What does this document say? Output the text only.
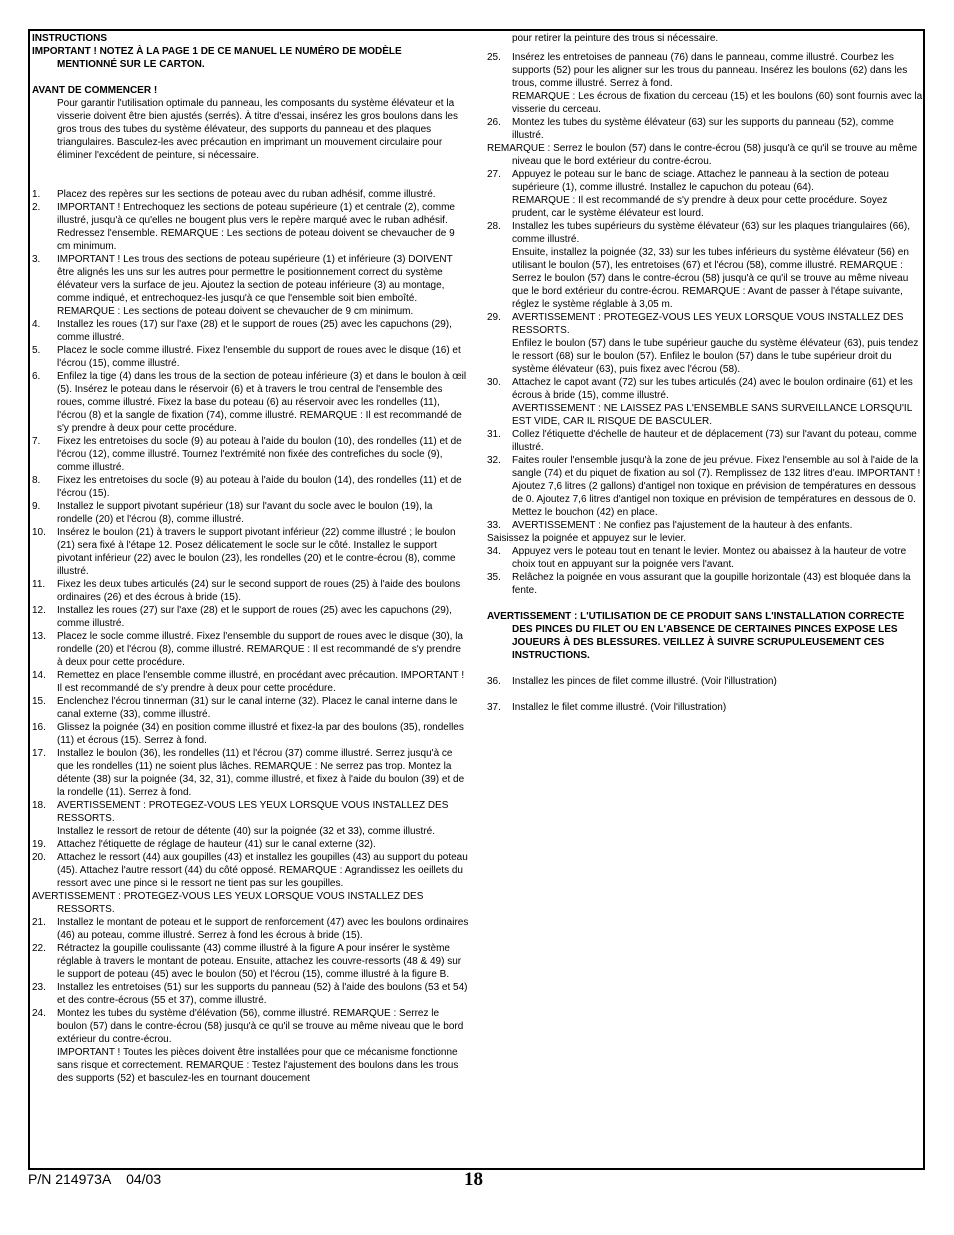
INSTRUCTIONS
IMPORTANT ! NOTEZ À LA PAGE 1 DE CE MANUEL LE NUMÉRO DE MODÈLE
MENTIONNÉ SUR LE CARTON.
AVANT DE COMMENCER !
Pour garantir l'utilisation optimale du panneau, les composants du système élévateur et la visserie doivent être bien ajustés (serrés). À titre d'essai, insérez les gros boulons dans les gros trous des tubes du système élévateur, des supports du panneau et des plaques triangulaires. Basculez-les avec précaution en imprimant un mouvement circulaire pour éliminer l'excédent de peinture, si nécessaire.
1.	Placez des repères sur les sections de poteau avec du ruban adhésif, comme illustré.
2.	IMPORTANT ! Entrechoquez les sections de poteau supérieure (1) et centrale (2), comme illustré, jusqu'à ce qu'elles ne bougent plus vers le repère marqué avec le ruban adhésif. Redressez l'ensemble. REMARQUE : Les sections de poteau doivent se chevaucher de 9 cm minimum.
3.	IMPORTANT ! Les trous des sections de poteau supérieure (1) et inférieure (3) DOIVENT être alignés les uns sur les autres pour permettre le positionnement correct du système élévateur vers la surface de jeu. Ajoutez la section de poteau inférieure (3) au montage, comme indiqué, et entrechoquez-les jusqu'à ce que l'ensemble soit bien emboîté. REMARQUE : Les sections de poteau doivent se chevaucher de 9 cm minimum.
4.	Installez les roues (17) sur l'axe (28) et le support de roues (25) avec les capuchons (29), comme illustré.
5.	Placez le socle comme illustré. Fixez l'ensemble du support de roues avec le disque (16) et l'écrou (15), comme illustré.
6.	Enfilez la tige (4) dans les trous de la section de poteau inférieure (3) et dans le boulon à œil (5). Insérez le poteau dans le réservoir (6) et à travers le trou central de l'ensemble des roues, comme illustré. Fixez la base du poteau (6) au réservoir avec les rondelles (11), l'écrou (8) et la sangle de fixation (74), comme illustré. REMARQUE : Il est recommandé de s'y prendre à deux pour cette procédure.
7.	Fixez les entretoises du socle (9) au poteau à l'aide du boulon (10), des rondelles (11) et de l'écrou (12), comme illustré. Tournez l'extrémité non fixée des contrefiches du socle (9), comme illustré.
8.	Fixez les entretoises du socle (9) au poteau à l'aide du boulon (14), des rondelles (11) et de l'écrou (15).
9.	Installez le support pivotant supérieur (18) sur l'avant du socle avec le boulon (19), la rondelle (20) et l'écrou (8), comme illustré.
10.	Insérez le boulon (21) à travers le support pivotant inférieur (22) comme illustré ; le boulon (21) sera fixé à l'étape 12. Posez délicatement le socle sur le côté. Installez le support pivotant inférieur (22) avec le boulon (23), les rondelles (20) et le contre-écrou (8), comme illustré.
11.	Fixez les deux tubes articulés (24) sur le second support de roues (25) à l'aide des boulons ordinaires (26) et des écrous à bride (15).
12.	Installez les roues (27) sur l'axe (28) et le support de roues (25) avec les capuchons (29), comme illustré.
13.	Placez le socle comme illustré. Fixez l'ensemble du support de roues avec le disque (30), la rondelle (20) et l'écrou (8), comme illustré. REMARQUE : Il est recommandé de s'y prendre à deux pour cette procédure.
14.	Remettez en place l'ensemble comme illustré, en procédant avec précaution. IMPORTANT ! Il est recommandé de s'y prendre à deux pour cette procédure.
15.	Enclenchez l'écrou tinnerman (31) sur le canal interne (32). Placez le canal interne dans le canal externe (33), comme illustré.
16.	Glissez la poignée (34) en position comme illustré et fixez-la par des boulons (35), rondelles (11) et écrous (15). Serrez à fond.
17.	Installez le boulon (36), les rondelles (11) et l'écrou (37) comme illustré. Serrez jusqu'à ce que les rondelles (11) ne soient plus lâches. REMARQUE : Ne serrez pas trop. Montez la détente (38) sur la poignée (34, 32, 31), comme illustré, et fixez à l'aide du boulon (39) et de la rondelle (11). Serrez à fond.
18.	AVERTISSEMENT : PROTEGEZ-VOUS LES YEUX LORSQUE VOUS INSTALLEZ DES RESSORTS.
Installez le ressort de retour de détente (40) sur la poignée (32 et 33), comme illustré.
19.	Attachez l'étiquette de réglage de hauteur (41) sur le canal externe (32).
20.	Attachez le ressort (44) aux goupilles (43) et installez les goupilles (43) au support du poteau (45). Attachez l'autre ressort (44) du côté opposé. REMARQUE : Agrandissez les oeillets du ressort avec une pince si le ressort ne tient pas sur les goupilles.
AVERTISSEMENT : PROTEGEZ-VOUS LES YEUX LORSQUE VOUS INSTALLEZ DES RESSORTS.
21.	Installez le montant de poteau et le support de renforcement (47) avec les boulons ordinaires (46) au poteau, comme illustré. Serrez à fond les écrous à bride (15).
22.	Rétractez la goupille coulissante (43) comme illustré à la figure A pour insérer le système réglable à travers le montant de poteau. Ensuite, attachez les couvre-ressorts (48 & 49) sur le support de poteau (45) avec le boulon (50) et l'écrou (15), comme illustré à la figure B.
23.	Installez les entretoises (51) sur les supports du panneau (52) à l'aide des boulons (53 et 54) et des contre-écrous (55 et 37), comme illustré.
24.	Montez les tubes du système d'élévation (56), comme illustré. REMARQUE : Serrez le boulon (57) dans le contre-écrou (58) jusqu'à ce qu'il se trouve au même niveau que le bord extérieur du contre-écrou.
IMPORTANT ! Toutes les pièces doivent être installées pour que ce mécanisme fonctionne sans risque et correctement. REMARQUE : Testez l'ajustement des boulons dans les trous des supports (52) et basculez-les en tournant doucement
pour retirer la peinture des trous si nécessaire.
25.	Insérez les entretoises de panneau (76) dans le panneau, comme illustré. Courbez les supports (52) pour les aligner sur les trous du panneau. Insérez les boulons (62) dans les trous, comme illustré. Serrez à fond.
REMARQUE : Les écrous de fixation du cerceau (15) et les boulons (60) sont fournis avec la visserie du cerceau.
26.	Montez les tubes du système élévateur (63) sur les supports du panneau (52), comme illustré.
REMARQUE : Serrez le boulon (57) dans le contre-écrou (58) jusqu'à ce qu'il se trouve au même niveau que le bord extérieur du contre-écrou.
27.	Appuyez le poteau sur le banc de sciage. Attachez le panneau à la section de poteau supérieure (1), comme illustré. Installez le capuchon du poteau (64).
REMARQUE : Il est recommandé de s'y prendre à deux pour cette procédure. Soyez prudent, car le système élévateur est lourd.
28.	Installez les tubes supérieurs du système élévateur (63) sur les plaques triangulaires (66), comme illustré.
Ensuite, installez la poignée (32, 33) sur les tubes inférieurs du système élévateur (56) en utilisant le boulon (57), les entretoises (67) et l'écrou (58), comme illustré. REMARQUE : Serrez le boulon (57) dans le contre-écrou (58) jusqu'à ce qu'il se trouve au même niveau que le bord extérieur du contre-écrou. REMARQUE : Avant de passer à l'étape suivante, réglez le système réglable à 3,05 m.
29.	AVERTISSEMENT : PROTEGEZ-VOUS LES YEUX LORSQUE VOUS INSTALLEZ DES RESSORTS.
Enfilez le boulon (57) dans le tube supérieur gauche du système élévateur (63), puis tendez le ressort (68) sur le boulon (57). Enfilez le boulon (57) dans le tube supérieur droit du système élévateur (63), puis fixez avec l'écrou (58).
30.	Attachez le capot avant (72) sur les tubes articulés (24) avec le boulon ordinaire (61) et les écrous à bride (15), comme illustré.
AVERTISSEMENT : NE LAISSEZ PAS L'ENSEMBLE SANS SURVEILLANCE LORSQU'IL EST VIDE, CAR IL RISQUE DE BASCULER.
31.	Collez l'étiquette d'échelle de hauteur et de déplacement (73) sur l'avant du poteau, comme illustré.
32.	Faites rouler l'ensemble jusqu'à la zone de jeu prévue. Fixez l'ensemble au sol à l'aide de la sangle (74) et du piquet de fixation au sol (7). Remplissez de 132 litres d'eau. IMPORTANT ! Ajoutez 7,6 litres (2 gallons) d'antigel non toxique en prévision de températures en dessous de 0. Ajoutez 7,6 litres d'antigel non toxique en prévision de températures en dessous de 0. Mettez le bouchon (42) en place.
33.	AVERTISSEMENT : Ne confiez pas l'ajustement de la hauteur à des enfants.
Saisissez la poignée et appuyez sur le levier.
34.	Appuyez vers le poteau tout en tenant le levier. Montez ou abaissez à la hauteur de votre choix tout en appuyant sur la poignée vers l'avant.
35.	Relâchez la poignée en vous assurant que la goupille horizontale (43) est bloquée dans la fente.
AVERTISSEMENT : L'UTILISATION DE CE PRODUIT SANS L'INSTALLATION CORRECTE DES PINCES DU FILET OU EN L'ABSENCE DE CERTAINES PINCES EXPOSE LES JOUEURS À DES BLESSURES. VEILLEZ À SUIVRE SCRUPULEUSEMENT CES INSTRUCTIONS.
36.	Installez les pinces de filet comme illustré. (Voir l'illustration)
37.	Installez le filet comme illustré. (Voir l'illustration)
P/N 214973A 04/03	18
